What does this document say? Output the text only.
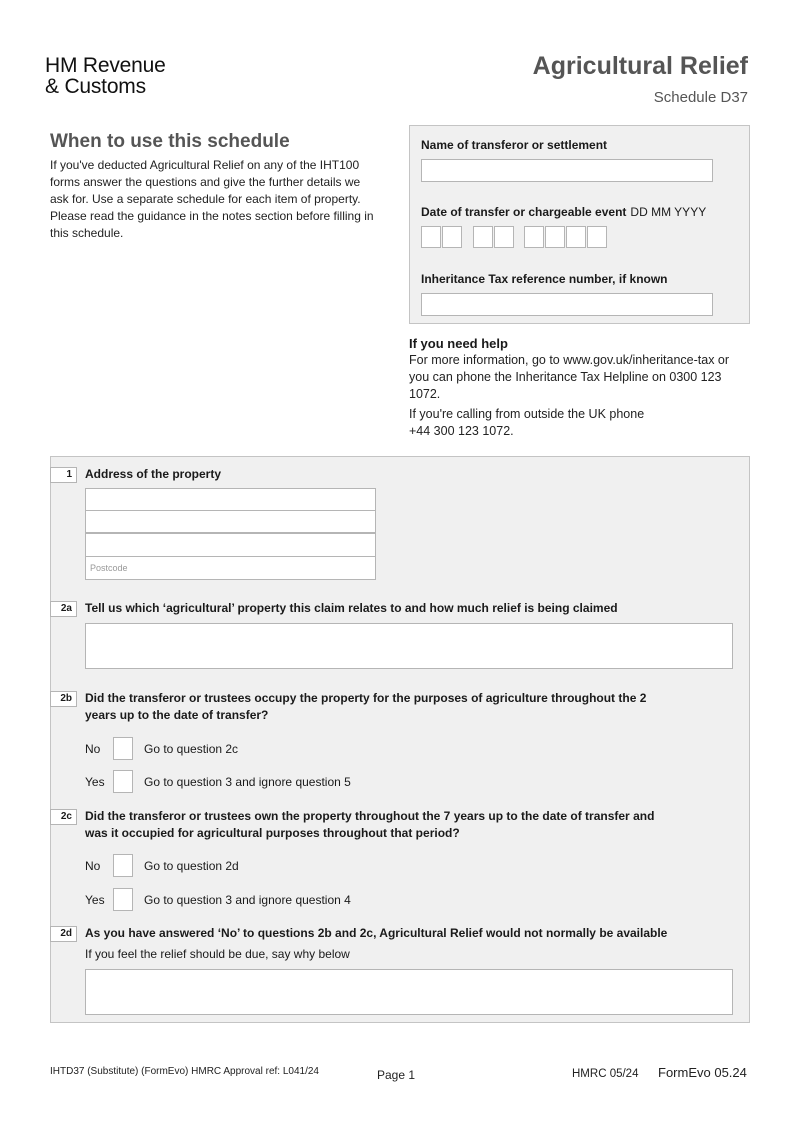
HM Revenue
& Customs
Agricultural Relief
Schedule D37
When to use this schedule
If you've deducted Agricultural Relief on any of the IHT100 forms answer the questions and give the further details we ask for. Use a separate schedule for each item of property. Please read the guidance in the notes section before filling in this schedule.
Name of transferor or settlement
Date of transfer or chargeable event DD MM YYYY
Inheritance Tax reference number, if known
If you need help
For more information, go to www.gov.uk/inheritance-tax or you can phone the Inheritance Tax Helpline on 0300 123 1072.
If you're calling from outside the UK phone +44 300 123 1072.
1	Address of the property
Postcode
2a	Tell us which ‘agricultural’ property this claim relates to and how much relief is being claimed
2b	Did the transferor or trustees occupy the property for the purposes of agriculture throughout the 2 years up to the date of transfer?
No	Go to question 2c
Yes	Go to question 3 and ignore question 5
2c	Did the transferor or trustees own the property throughout the 7 years up to the date of transfer and was it occupied for agricultural purposes throughout that period?
No	Go to question 2d
Yes	Go to question 3 and ignore question 4
2d	As you have answered ‘No’ to questions 2b and 2c, Agricultural Relief would not normally be available
If you feel the relief should be due, say why below
IHTD37 (Substitute) (FormEvo) HMRC Approval ref: L041/24	Page 1	HMRC 05/24 FormEvo 05.24
